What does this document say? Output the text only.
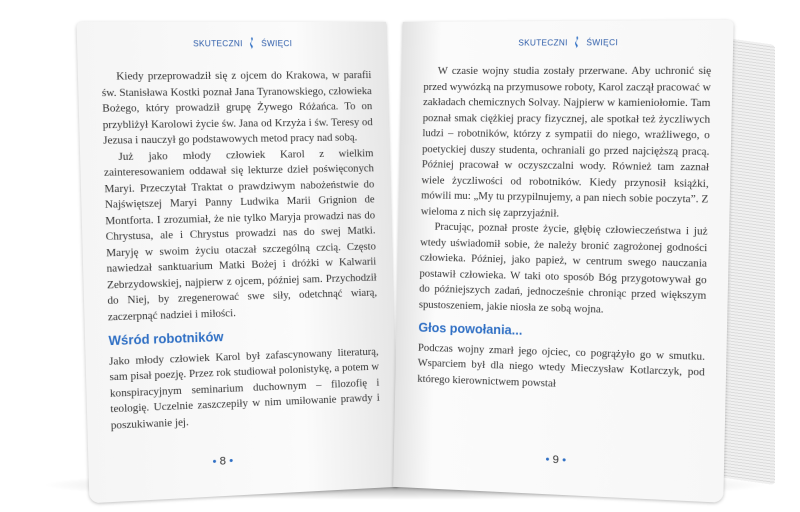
SKUTECZNI ŚWIĘCI

Kiedy przeprowadził się z ojcem do Krakowa, w parafii św. Stanisława Kostki poznał Jana Tyranowskiego, człowieka Bożego, który prowadził grupę Żywego Różańca. To on przybliżył Karolowi życie św. Jana od Krzyża i św. Teresy od Jezusa i nauczył go podstawowych metod pracy nad sobą.

Już jako młody człowiek Karol z wielkim zainteresowaniem oddawał się lekturze dzieł poświęconych Maryi. Przeczytał Traktat o prawdziwym nabożeństwie do Najświętszej Maryi Panny Ludwika Marii Grignion de Montforta. I zrozumiał, że nie tylko Maryja prowadzi nas do Chrystusa, ale i Chrystus prowadzi nas do swej Matki. Maryję w swoim życiu otaczał szczególną czcią. Często nawiedzał sanktuarium Matki Bożej i dróżki w Kalwarii Zebrzydowskiej, najpierw z ojcem, później sam. Przychodził do Niej, by zregenerować swe siły, odetchnąć wiarą, zaczerpnąć nadziei i miłości.

Wśród robotników

Jako młody człowiek Karol był zafascynowany literaturą, sam pisał poezję. Przez rok studiował polonistykę, a potem w konspiracyjnym seminarium duchownym – filozofię i teologię. Uczelnie zaszczepiły w nim umiłowanie prawdy i poszukiwanie jej.

• 8 •
SKUTECZNI ŚWIĘCI

W czasie wojny studia zostały przerwane. Aby uchronić się przed wywózką na przymusowe roboty, Karol zaczął pracować w zakładach chemicznych Solvay. Najpierw w kamieniołomie. Tam poznał smak ciężkiej pracy fizycznej, ale spotkał też życzliwych ludzi – robotników, którzy z sympatii do niego, wrażliwego, o poetyckiej duszy studenta, ochraniali go przed najcięższą pracą. Później pracował w oczyszczalni wody. Również tam zaznał wiele życzliwości od robotników. Kiedy przynosił książki, mówili mu: „My tu przypilnujemy, a pan niech sobie poczyta”. Z wieloma z nich się zaprzyjaźnił.

Pracując, poznał proste życie, głębię człowieczeństwa i już wtedy uświadomił sobie, że należy bronić zagrożonej godności człowieka. Później, jako papież, w centrum swego nauczania postawił człowieka. W taki oto sposób Bóg przygotowywał go do późniejszych zadań, jednocześnie chroniąc przed większym spustoszeniem, jakie niosła ze sobą wojna.

Głos powołania...

Podczas wojny zmarł jego ojciec, co pogrążyło go w smutku. Wsparciem był dla niego wtedy Mieczysław Kotlarczyk, pod którego kierownictwem powstał

• 9 •
